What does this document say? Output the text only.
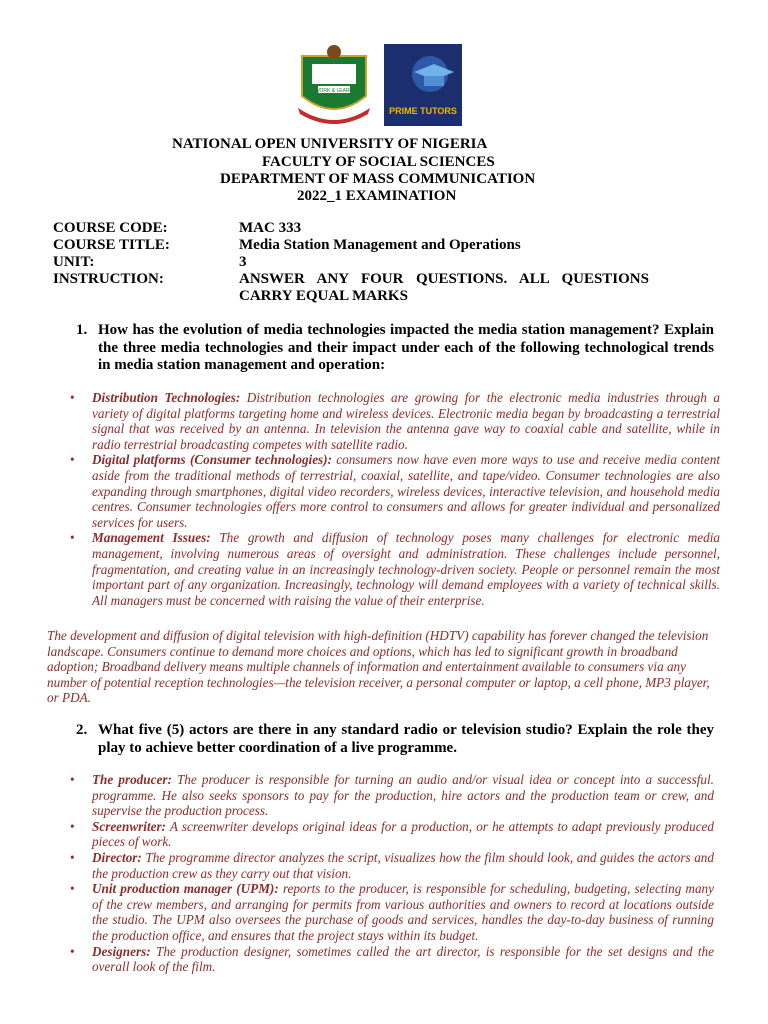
WORK & LEARN
PRIME TUTORS
NATIONAL OPEN UNIVERSITY OF NIGERIA
FACULTY OF SOCIAL SCIENCES
DEPARTMENT OF MASS COMMUNICATION
2022_1 EXAMINATION
COURSE CODE:	MAC 333
COURSE TITLE:	Media Station Management and Operations
UNIT:	3
INSTRUCTION:	ANSWER ANY FOUR QUESTIONS. ALL QUESTIONS CARRY EQUAL MARKS
1. How has the evolution of media technologies impacted the media station management? Explain the three media technologies and their impact under each of the following technological trends in media station management and operation:
• Distribution Technologies: Distribution technologies are growing for the electronic media industries through a variety of digital platforms targeting home and wireless devices. Electronic media began by broadcasting a terrestrial signal that was received by an antenna. In television the antenna gave way to coaxial cable and satellite, while in radio terrestrial broadcasting competes with satellite radio.
• Digital platforms (Consumer technologies): consumers now have even more ways to use and receive media content aside from the traditional methods of terrestrial, coaxial, satellite, and tape/video. Consumer technologies are also expanding through smartphones, digital video recorders, wireless devices, interactive television, and household media centres. Consumer technologies offers more control to consumers and allows for greater individual and personalized services for users.
• Management Issues: The growth and diffusion of technology poses many challenges for electronic media management, involving numerous areas of oversight and administration. These challenges include personnel, fragmentation, and creating value in an increasingly technology-driven society. People or personnel remain the most important part of any organization. Increasingly, technology will demand employees with a variety of technical skills. All managers must be concerned with raising the value of their enterprise.
The development and diffusion of digital television with high-definition (HDTV) capability has forever changed the television landscape. Consumers continue to demand more choices and options, which has led to significant growth in broadband adoption; Broadband delivery means multiple channels of information and entertainment available to consumers via any number of potential reception technologies—the television receiver, a personal computer or laptop, a cell phone, MP3 player, or PDA.
2. What five (5) actors are there in any standard radio or television studio? Explain the role they play to achieve better coordination of a live programme.
• The producer: The producer is responsible for turning an audio and/or visual idea or concept into a successful. programme. He also seeks sponsors to pay for the production, hire actors and the production team or crew, and supervise the production process.
• Screenwriter: A screenwriter develops original ideas for a production, or he attempts to adapt previously produced pieces of work.
• Director: The programme director analyzes the script, visualizes how the film should look, and guides the actors and the production crew as they carry out that vision.
• Unit production manager (UPM): reports to the producer, is responsible for scheduling, budgeting, selecting many of the crew members, and arranging for permits from various authorities and owners to record at locations outside the studio. The UPM also oversees the purchase of goods and services, handles the day-to-day business of running the production office, and ensures that the project stays within its budget.
• Designers: The production designer, sometimes called the art director, is responsible for the set designs and the overall look of the film.
